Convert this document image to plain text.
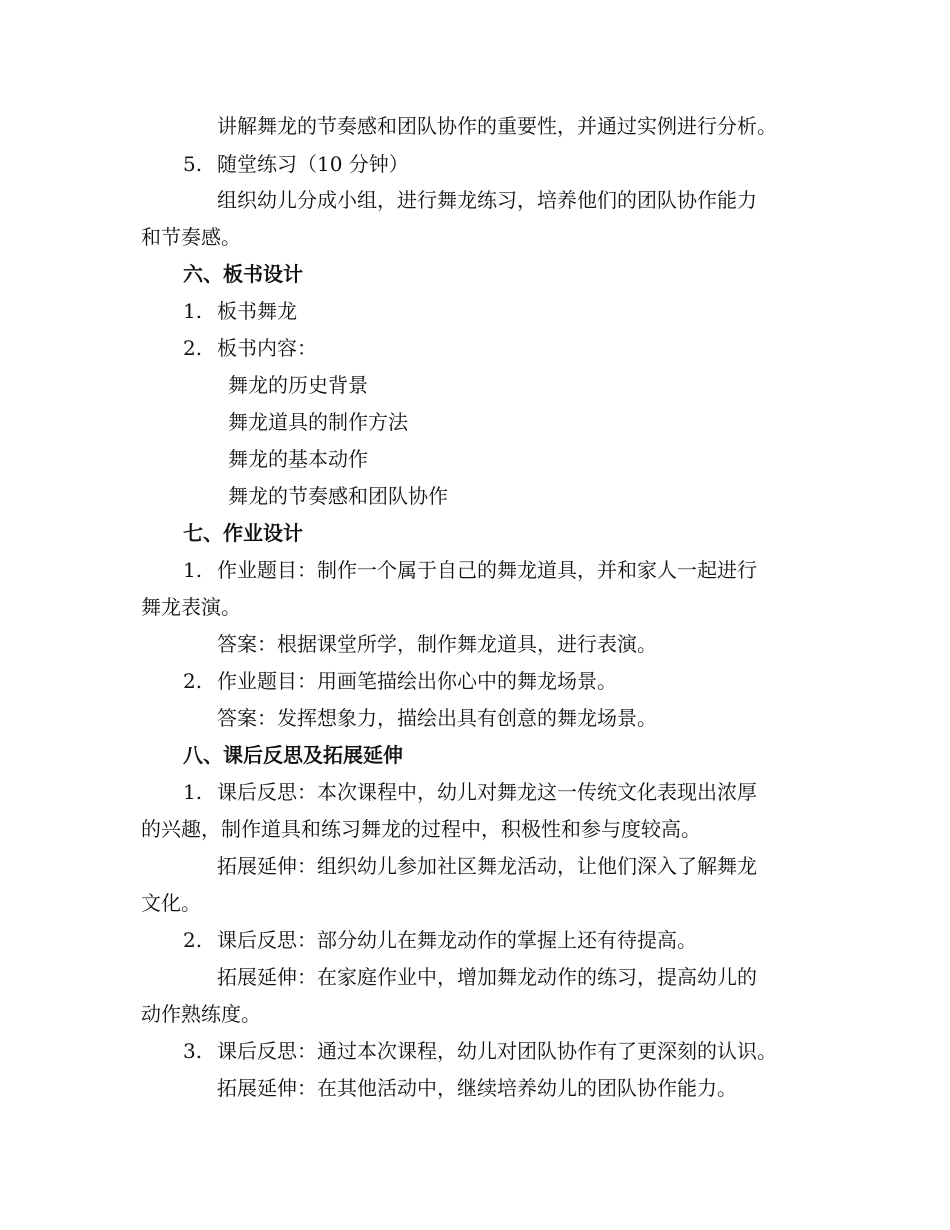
讲解舞龙的节奏感和团队协作的重要性，并通过实例进行分析。
5. 随堂练习（10 分钟）
组织幼儿分成小组，进行舞龙练习，培养他们的团队协作能力
和节奏感。
六、板书设计
1. 板书舞龙
2. 板书内容：
舞龙的历史背景
舞龙道具的制作方法
舞龙的基本动作
舞龙的节奏感和团队协作
七、作业设计
1. 作业题目：制作一个属于自己的舞龙道具，并和家人一起进行
舞龙表演。
答案：根据课堂所学，制作舞龙道具，进行表演。
2. 作业题目：用画笔描绘出你心中的舞龙场景。
答案：发挥想象力，描绘出具有创意的舞龙场景。
八、课后反思及拓展延伸
1. 课后反思：本次课程中，幼儿对舞龙这一传统文化表现出浓厚
的兴趣，制作道具和练习舞龙的过程中，积极性和参与度较高。
拓展延伸：组织幼儿参加社区舞龙活动，让他们深入了解舞龙
文化。
2. 课后反思：部分幼儿在舞龙动作的掌握上还有待提高。
拓展延伸：在家庭作业中，增加舞龙动作的练习，提高幼儿的
动作熟练度。
3. 课后反思：通过本次课程，幼儿对团队协作有了更深刻的认识。
拓展延伸：在其他活动中，继续培养幼儿的团队协作能力。
